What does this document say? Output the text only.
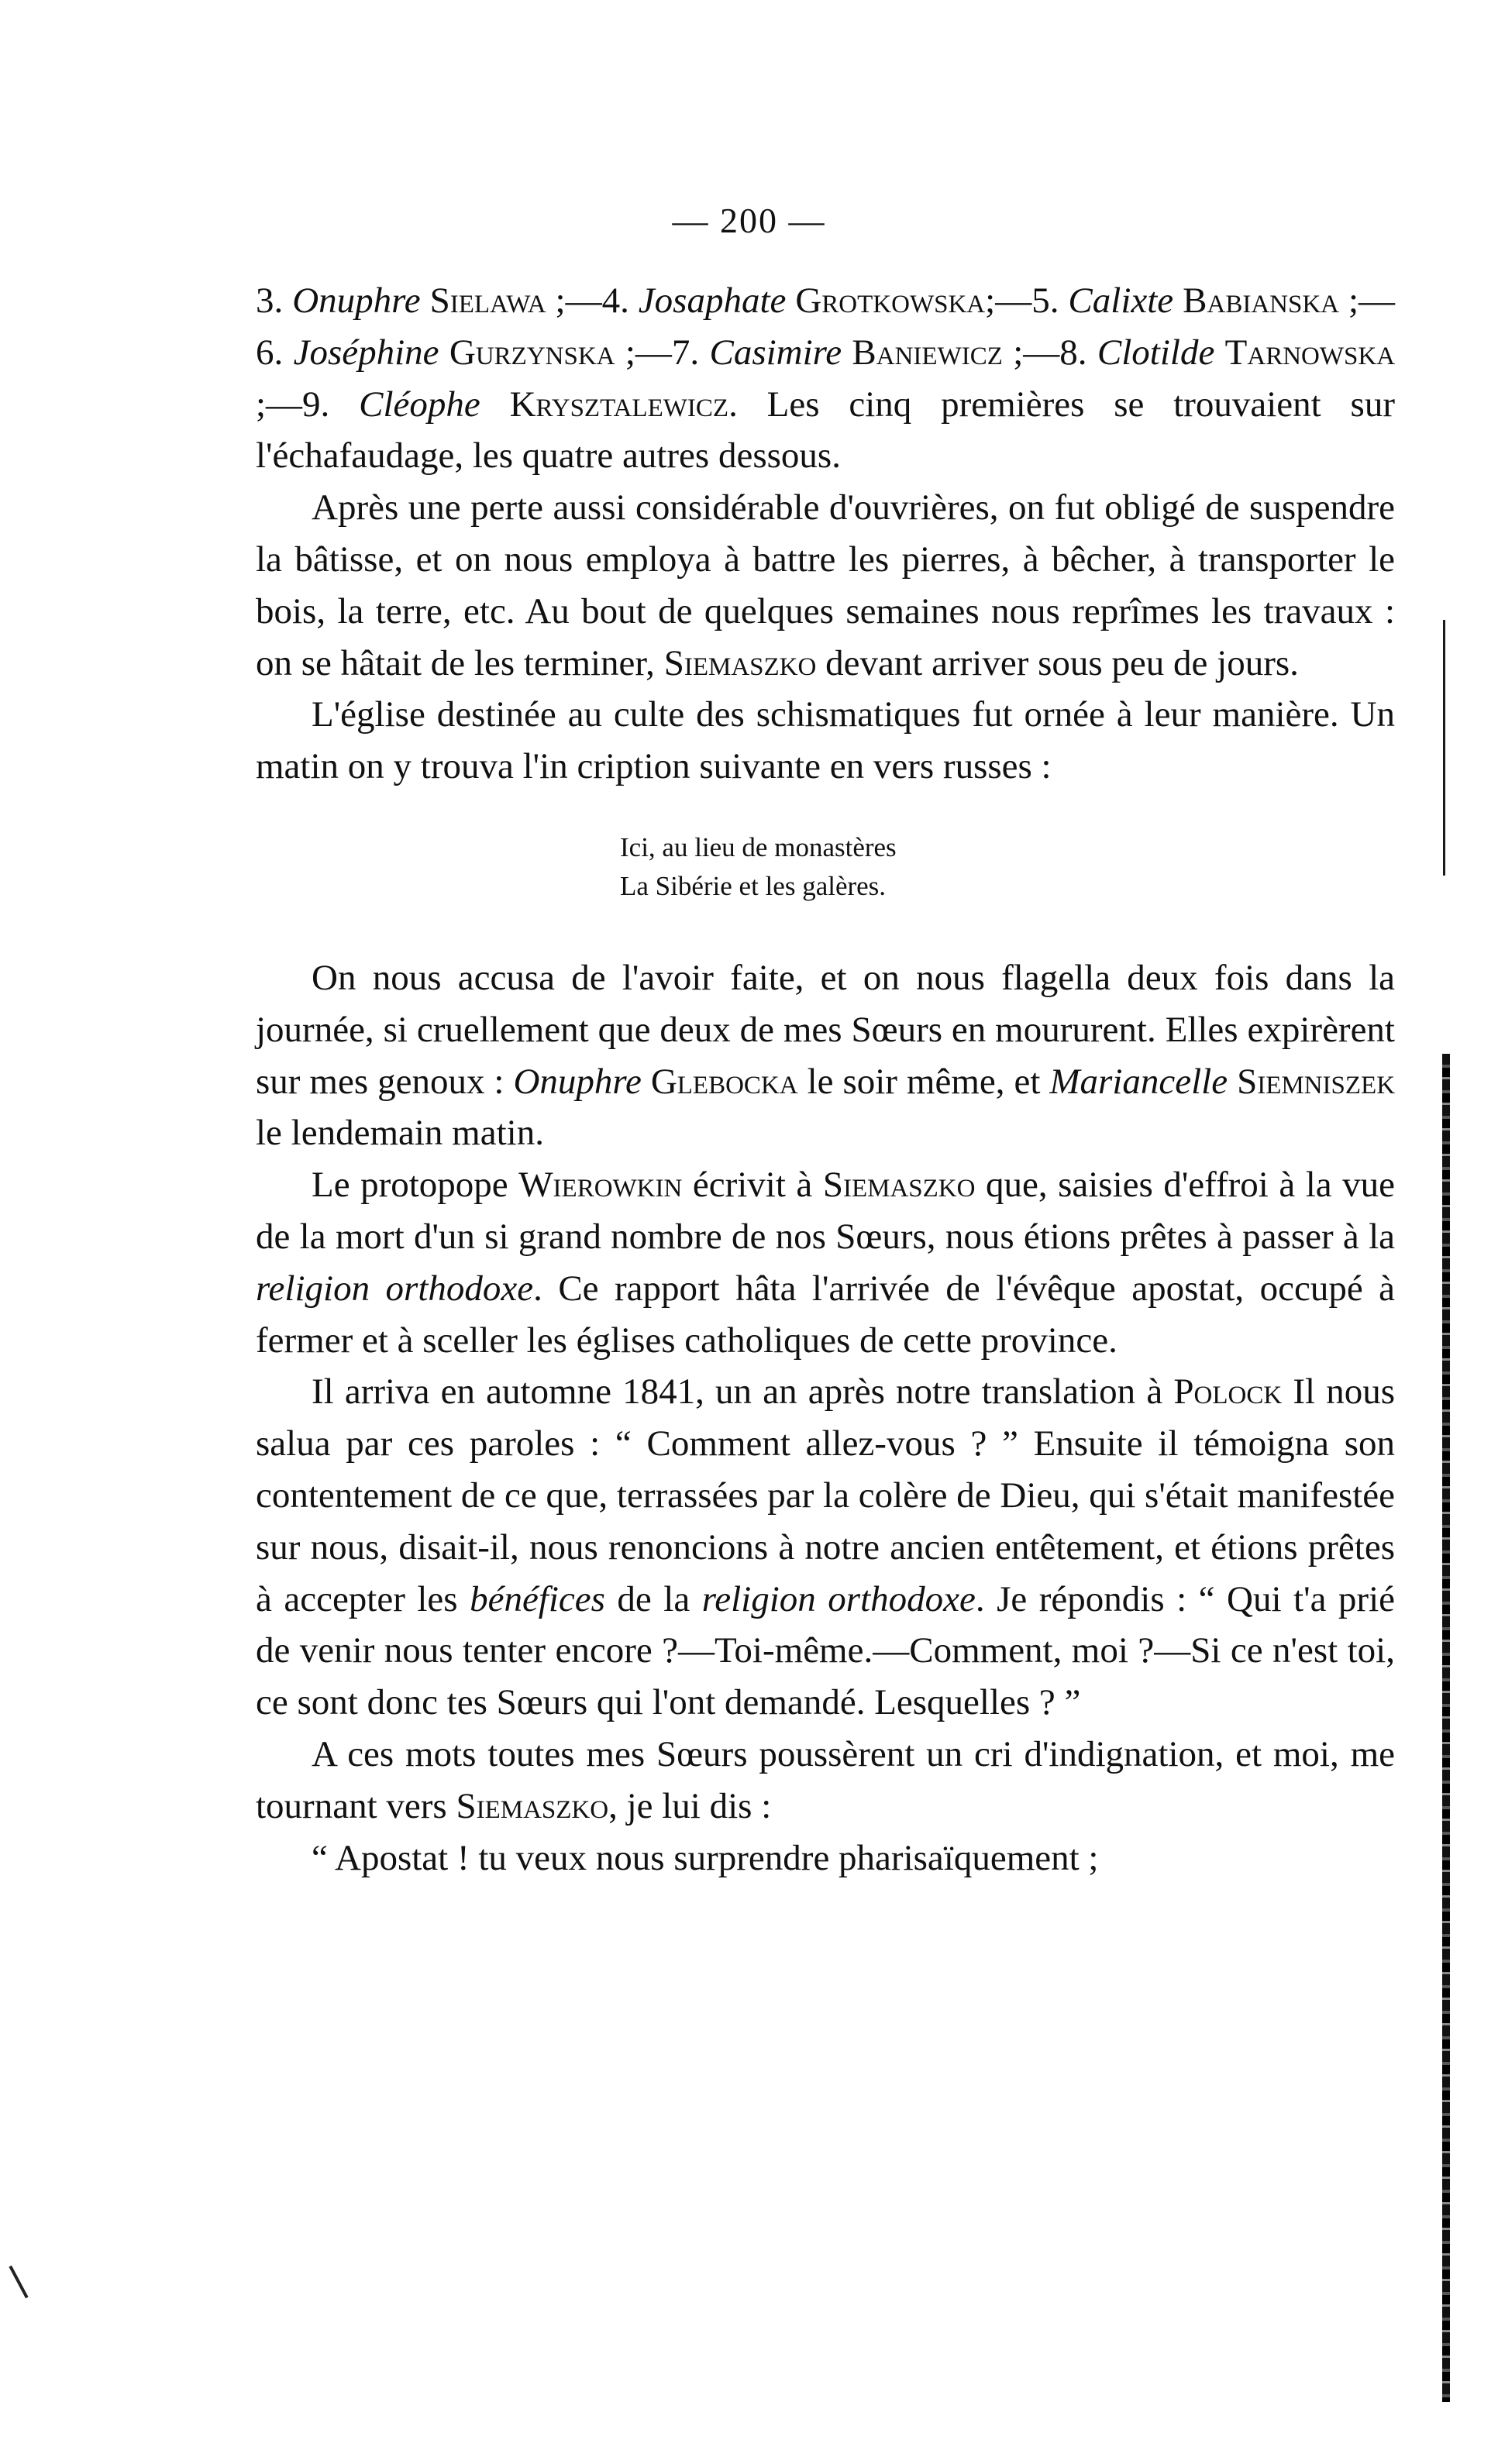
— 200 —

3. Onuphre Sielawa ;—4. Josaphate Grotkowska;—5. Calixte Babianska ;—6. Joséphine Gurzynska ;—7. Casimire Baniewicz ;—8. Clotilde Tarnowska ;—9. Cléophe Krysztalewicz. Les cinq premières se trouvaient sur l'échafaudage, les quatre autres dessous.

Après une perte aussi considérable d'ouvrières, on fut obligé de suspendre la bâtisse, et on nous employa à battre les pierres, à bêcher, à transporter le bois, la terre, etc. Au bout de quelques semaines nous reprîmes les travaux : on se hâtait de les terminer, Siemaszko devant arriver sous peu de jours.

L'église destinée au culte des schismatiques fut ornée à leur manière. Un matin on y trouva l'in cription suivante en vers russes :

Ici, au lieu de monastères
La Sibérie et les galères.

On nous accusa de l'avoir faite, et on nous flagella deux fois dans la journée, si cruellement que deux de mes Sœurs en moururent. Elles expirèrent sur mes genoux : Onuphre Glebocka le soir même, et Mariancelle Siemniszek le lendemain matin.

Le protopope Wierowkin écrivit à Siemaszko que, saisies d'effroi à la vue de la mort d'un si grand nombre de nos Sœurs, nous étions prêtes à passer à la religion orthodoxe. Ce rapport hâta l'arrivée de l'évêque apostat, occupé à fermer et à sceller les églises catholiques de cette province.

Il arriva en automne 1841, un an après notre translation à Polock Il nous salua par ces paroles : “ Comment allez-vous ? ” Ensuite il témoigna son contentement de ce que, terrassées par la colère de Dieu, qui s'était manifestée sur nous, disait-il, nous renoncions à notre ancien entêtement, et étions prêtes à accepter les bénéfices de la religion orthodoxe. Je répondis : “ Qui t'a prié de venir nous tenter encore ?—Toi-même.—Comment, moi ?—Si ce n'est toi, ce sont donc tes Sœurs qui l'ont demandé. Lesquelles ? ”

A ces mots toutes mes Sœurs poussèrent un cri d'indignation, et moi, me tournant vers Siemaszko, je lui dis :

“ Apostat ! tu veux nous surprendre pharisaïquement ;
